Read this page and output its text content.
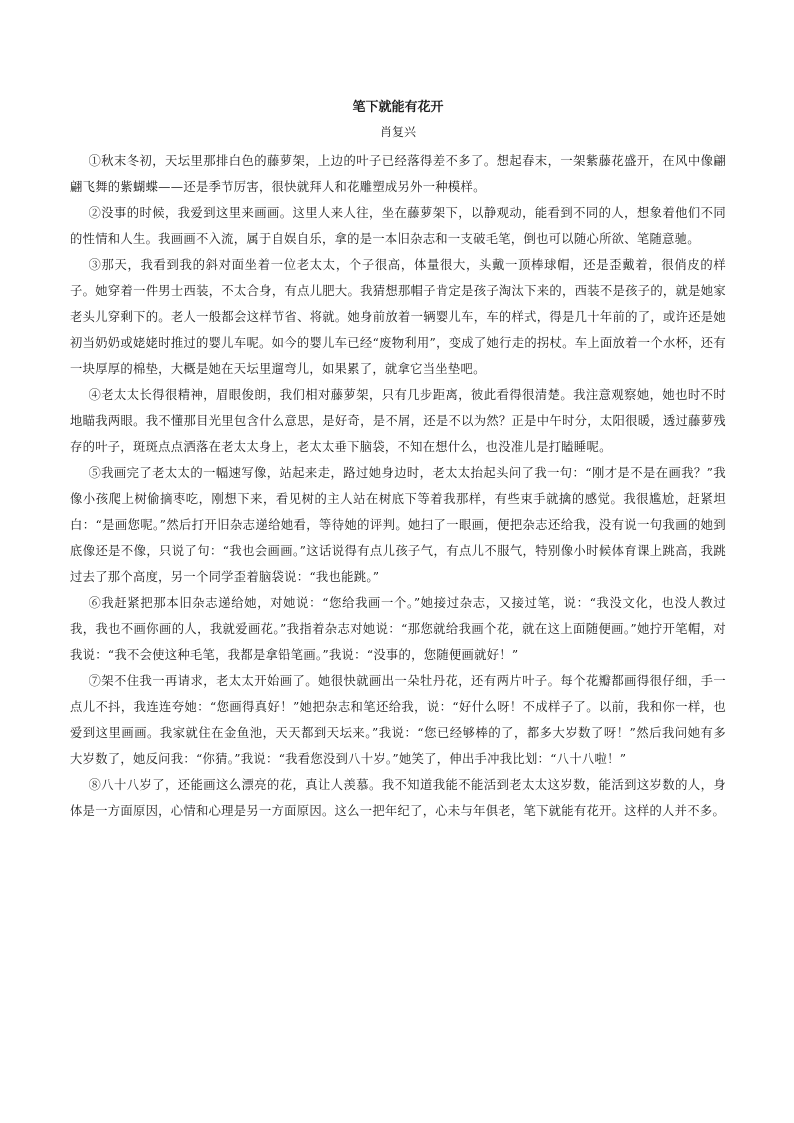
笔下就能有花开
肖复兴

①秋末冬初，天坛里那排白色的藤萝架，上边的叶子已经落得差不多了。想起春末，一架紫藤花盛开，在风中像翩翩飞舞的紫蝴蝶——还是季节厉害，很快就拜人和花雕塑成另外一种模样。

②没事的时候，我爱到这里来画画。这里人来人往，坐在藤萝架下，以静观动，能看到不同的人，想象着他们不同的性情和人生。我画画不入流，属于自娱自乐，拿的是一本旧杂志和一支破毛笔，倒也可以随心所欲、笔随意驰。

③那天，我看到我的斜对面坐着一位老太太，个子很高，体量很大，头戴一顶棒球帽，还是歪戴着，很俏皮的样子。她穿着一件男士西装，不太合身，有点儿肥大。我猜想那帽子肯定是孩子淘汰下来的，西装不是孩子的，就是她家老头儿穿剩下的。老人一般都会这样节省、将就。她身前放着一辆婴儿车，车的样式，得是几十年前的了，或许还是她初当奶奶或姥姥时推过的婴儿车呢。如今的婴儿车已经“废物利用”，变成了她行走的拐杖。车上面放着一个水杯，还有一块厚厚的棉垫，大概是她在天坛里遛弯儿，如果累了，就拿它当坐垫吧。

④老太太长得很精神，眉眼俊朗，我们相对藤萝架，只有几步距离，彼此看得很清楚。我注意观察她，她也时不时地瞄我两眼。我不懂那目光里包含什么意思，是好奇，是不屑，还是不以为然？正是中午时分，太阳很暖，透过藤萝残存的叶子，斑斑点点洒落在老太太身上，老太太垂下脑袋，不知在想什么，也没准儿是打瞌睡呢。

⑤我画完了老太太的一幅速写像，站起来走，路过她身边时，老太太抬起头问了我一句：“刚才是不是在画我？”我像小孩爬上树偷摘枣吃，刚想下来，看见树的主人站在树底下等着我那样，有些束手就擒的感觉。我很尴尬，赶紧坦白：“是画您呢。”然后打开旧杂志递给她看，等待她的评判。她扫了一眼画，便把杂志还给我，没有说一句我画的她到底像还是不像，只说了句：“我也会画画。”这话说得有点儿孩子气，有点儿不服气，特别像小时候体育课上跳高，我跳过去了那个高度，另一个同学歪着脑袋说：“我也能跳。”

⑥我赶紧把那本旧杂志递给她，对她说：“您给我画一个。”她接过杂志，又接过笔，说：“我没文化，也没人教过我，我也不画你画的人，我就爱画花。”我指着杂志对她说：“那您就给我画个花，就在这上面随便画。”她拧开笔帽，对我说：“我不会使这种毛笔，我都是拿铅笔画。”我说：“没事的，您随便画就好！”

⑦架不住我一再请求，老太太开始画了。她很快就画出一朵牡丹花，还有两片叶子。每个花瓣都画得很仔细，手一点儿不抖，我连连夸她：“您画得真好！”她把杂志和笔还给我，说：“好什么呀！不成样子了。以前，我和你一样，也爱到这里画画。我家就住在金鱼池，天天都到天坛来。”我说：“您已经够棒的了，都多大岁数了呀！”然后我问她有多大岁数了，她反问我：“你猜。”我说：“我看您没到八十岁。”她笑了，伸出手冲我比划：“八十八啦！”

⑧八十八岁了，还能画这么漂亮的花，真让人羡慕。我不知道我能不能活到老太太这岁数，能活到这岁数的人，身体是一方面原因，心情和心理是另一方面原因。这么一把年纪了，心未与年俱老，笔下就能有花开。这样的人并不多。
